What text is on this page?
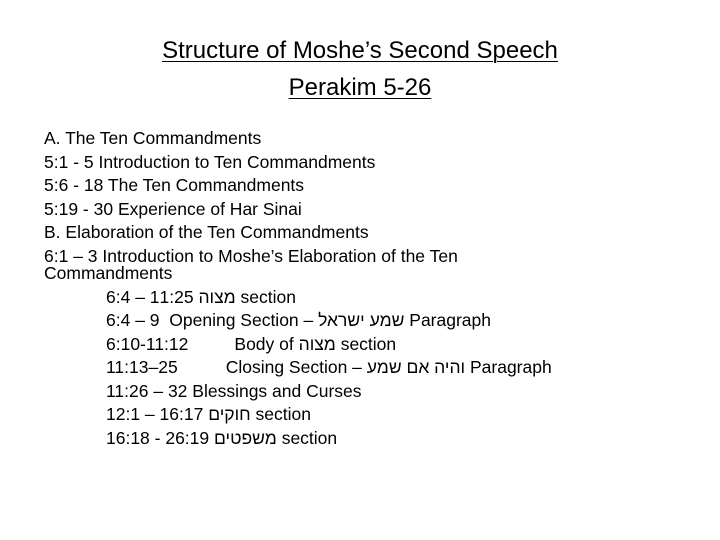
Structure of Moshe’s Second Speech
Perakim 5-26
A. The Ten Commandments
5:1 - 5 Introduction to Ten Commandments
5:6 - 18 The Ten Commandments
5:19 - 30 Experience of Har Sinai
B. Elaboration of the Ten Commandments
6:1 – 3 Introduction to Moshe’s Elaboration of the Ten
Commandments
6:4 – 11:25 מצוה section
6:4 – 9 Opening Section – שמע ישראל Paragraph
6:10-11:12	Body of מצוה section
11:13–25	Closing Section – והיה אם שמע Paragraph
11:26 – 32 Blessings and Curses
12:1 – 16:17 חוקים section
16:18 - 26:19 משפטים section
